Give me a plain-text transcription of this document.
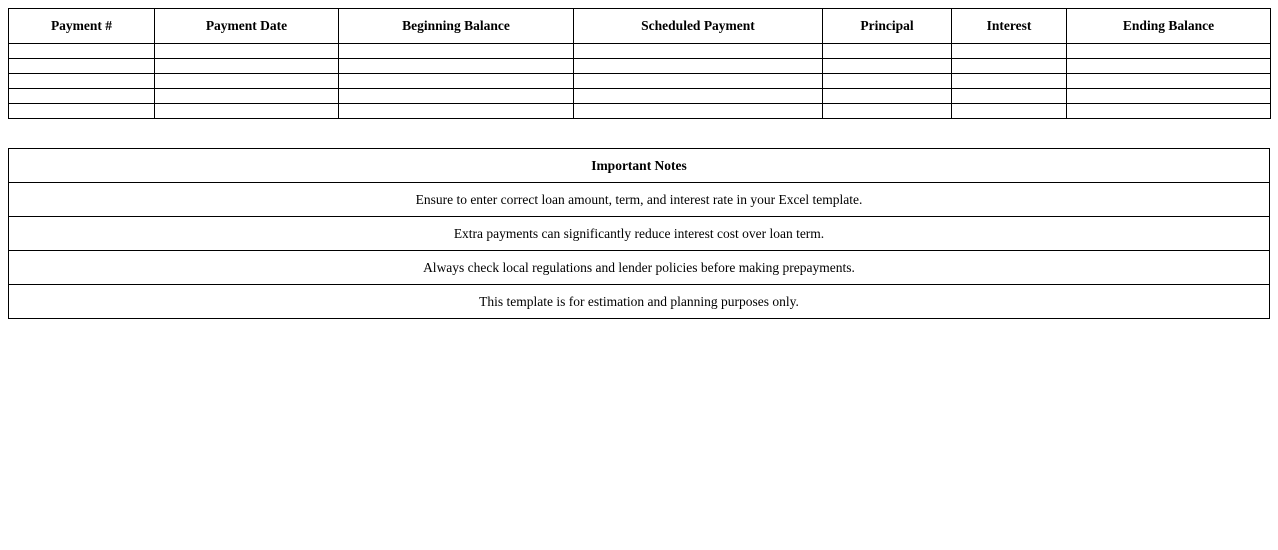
Payment #	Payment Date	Beginning Balance	Scheduled Payment	Principal	Interest	Ending Balance

Important Notes
Ensure to enter correct loan amount, term, and interest rate in your Excel template.
Extra payments can significantly reduce interest cost over loan term.
Always check local regulations and lender policies before making prepayments.
This template is for estimation and planning purposes only.
